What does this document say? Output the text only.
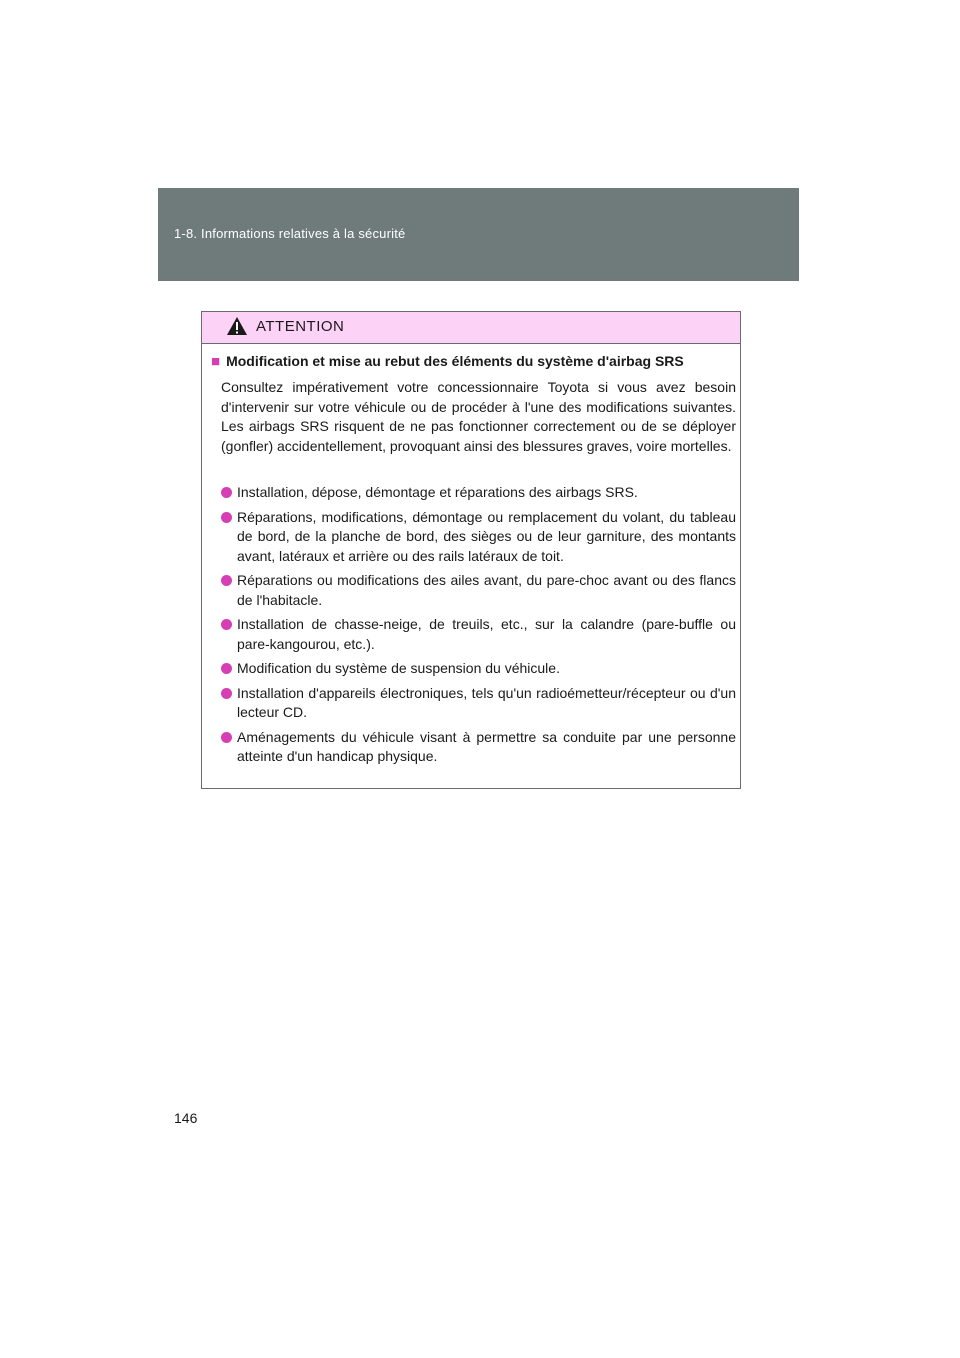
1-8. Informations relatives à la sécurité
ATTENTION
■ Modification et mise au rebut des éléments du système d'airbag SRS
Consultez impérativement votre concessionnaire Toyota si vous avez besoin d'intervenir sur votre véhicule ou de procéder à l'une des modifications suivantes. Les airbags SRS risquent de ne pas fonctionner correctement ou de se déployer (gonfler) accidentellement, provoquant ainsi des blessures graves, voire mortelles.
Installation, dépose, démontage et réparations des airbags SRS.
Réparations, modifications, démontage ou remplacement du volant, du tableau de bord, de la planche de bord, des sièges ou de leur garniture, des montants avant, latéraux et arrière ou des rails latéraux de toit.
Réparations ou modifications des ailes avant, du pare-choc avant ou des flancs de l'habitacle.
Installation de chasse-neige, de treuils, etc., sur la calandre (pare-buffle ou pare-kangourou, etc.).
Modification du système de suspension du véhicule.
Installation d'appareils électroniques, tels qu'un radioémetteur/récepteur ou d'un lecteur CD.
Aménagements du véhicule visant à permettre sa conduite par une personne atteinte d'un handicap physique.
146
